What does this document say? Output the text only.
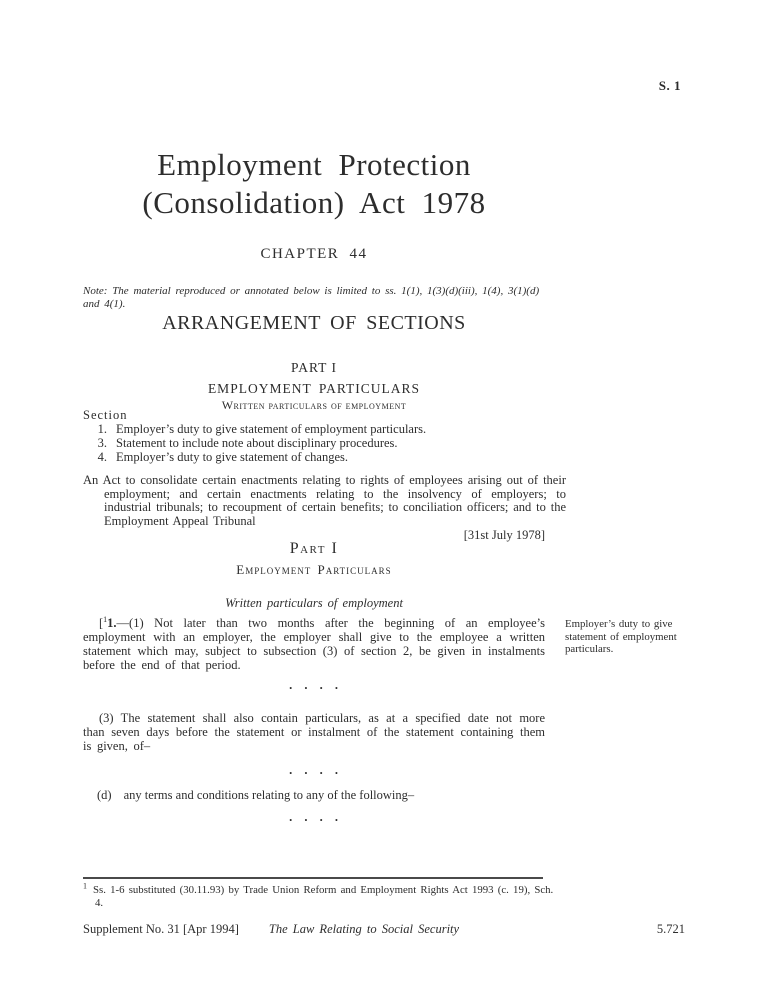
S. 1
Employment Protection
(Consolidation) Act 1978
CHAPTER 44
Note: The material reproduced or annotated below is limited to ss. 1(1), 1(3)(d)(iii), 1(4), 3(1)(d) and 4(1).
ARRANGEMENT OF SECTIONS
PART I
EMPLOYMENT PARTICULARS
Written particulars of employment
Section
1. Employer’s duty to give statement of employment particulars.
3. Statement to include note about disciplinary procedures.
4. Employer’s duty to give statement of changes.
An Act to consolidate certain enactments relating to rights of employees arising out of their employment; and certain enactments relating to the insolvency of employers; to industrial tribunals; to recoupment of certain benefits; to conciliation officers; and to the Employment Appeal Tribunal
[31st July 1978]
Part I
Employment Particulars
Written particulars of employment
[$^1$1.—(1) Not later than two months after the beginning of an employee’s employment with an employer, the employer shall give to the employee a written statement which may, subject to subsection (3) of section 2, be given in instalments before the end of that period.
Employer’s duty to give statement of employment particulars.
. . . .
(3) The statement shall also contain particulars, as at a specified date not more than seven days before the statement or instalment of the statement containing them is given, of–
. . . .
(d) any terms and conditions relating to any of the following–
. . . .
$^1$ Ss. 1-6 substituted (30.11.93) by Trade Union Reform and Employment Rights Act 1993 (c. 19), Sch. 4.
Supplement No. 31 [Apr 1994]	The Law Relating to Social Security	5.721
